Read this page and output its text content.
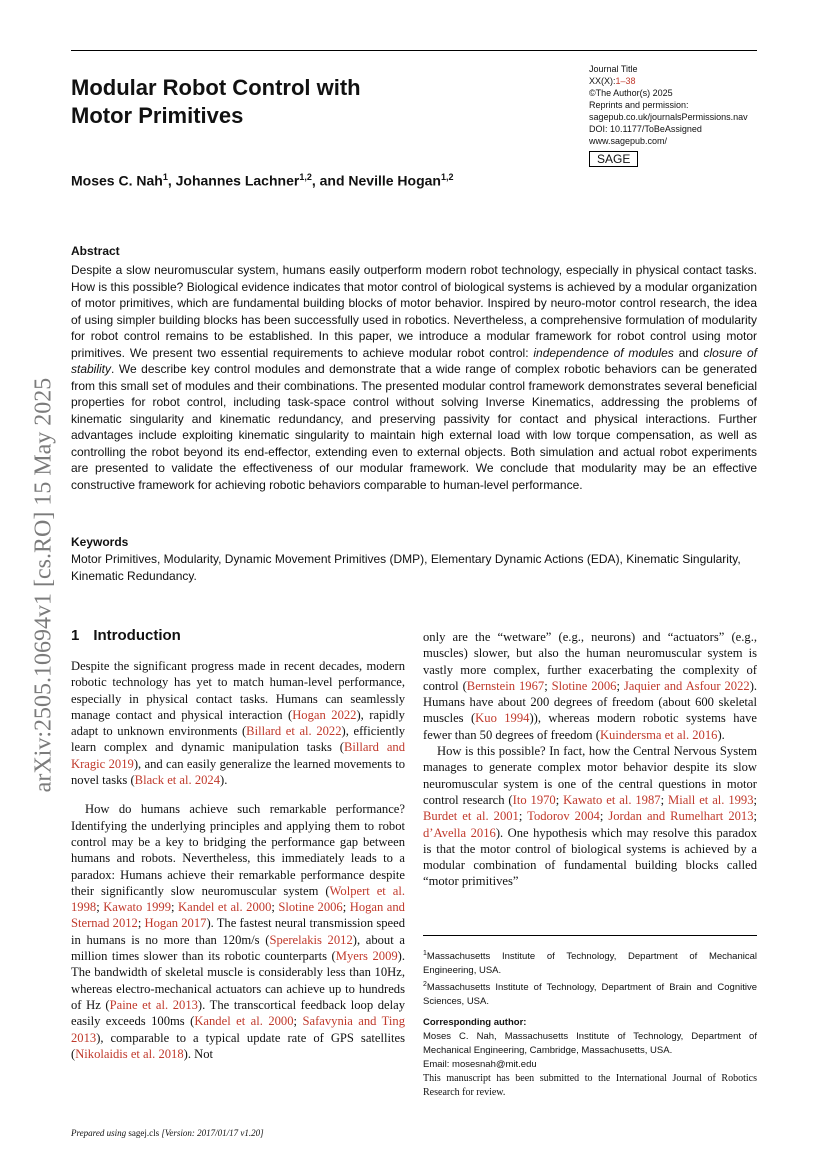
Modular Robot Control with
Motor Primitives
Journal Title
XX(X):1–38
©The Author(s) 2025
Reprints and permission:
sagepub.co.uk/journalsPermissions.nav
DOI: 10.1177/ToBeAssigned
www.sagepub.com/
SAGE
Moses C. Nah$^1$, Johannes Lachner$^{1,2}$, and Neville Hogan$^{1,2}$
arXiv:2505.10694v1 [cs.RO] 15 May 2025
Abstract

Despite a slow neuromuscular system, humans easily outperform modern robot technology, especially in physical contact tasks. How is this possible? Biological evidence indicates that motor control of biological systems is achieved by a modular organization of motor primitives, which are fundamental building blocks of motor behavior. Inspired by neuro-motor control research, the idea of using simpler building blocks has been successfully used in robotics. Nevertheless, a comprehensive formulation of modularity for robot control remains to be established. In this paper, we introduce a modular framework for robot control using motor primitives. We present two essential requirements to achieve modular robot control: independence of modules and closure of stability. We describe key control modules and demonstrate that a wide range of complex robotic behaviors can be generated from this small set of modules and their combinations. The presented modular control framework demonstrates several beneficial properties for robot control, including task-space control without solving Inverse Kinematics, addressing the problems of kinematic singularity and kinematic redundancy, and preserving passivity for contact and physical interactions. Further advantages include exploiting kinematic singularity to maintain high external load with low torque compensation, as well as controlling the robot beyond its end-effector, extending even to external objects. Both simulation and actual robot experiments are presented to validate the effectiveness of our modular framework. We conclude that modularity may be an effective constructive framework for achieving robotic behaviors comparable to human-level performance.

Keywords

Motor Primitives, Modularity, Dynamic Movement Primitives (DMP), Elementary Dynamic Actions (EDA), Kinematic Singularity, Kinematic Redundancy.

1 Introduction

Despite the significant progress made in recent decades, modern robotic technology has yet to match human-level performance, especially in physical contact tasks. Humans can seamlessly manage contact and physical interaction (Hogan 2022), rapidly adapt to unknown environments (Billard et al. 2022), efficiently learn complex and dynamic manipulation tasks (Billard and Kragic 2019), and can easily generalize the learned movements to novel tasks (Black et al. 2024).

How do humans achieve such remarkable performance? Identifying the underlying principles and applying them to robot control may be a key to bridging the performance gap between humans and robots. Nevertheless, this immediately leads to a paradox: Humans achieve their remarkable performance despite their significantly slow neuromuscular system (Wolpert et al. 1998; Kawato 1999; Kandel et al. 2000; Slotine 2006; Hogan and Sternad 2012; Hogan 2017). The fastest neural transmission speed in humans is no more than 120m/s (Sperelakis 2012), about a million times slower than its robotic counterparts (Myers 2009). The bandwidth of skeletal muscle is considerably less than 10Hz, whereas electro-mechanical actuators can achieve up to hundreds of Hz (Paine et al. 2013). The transcortical feedback loop delay easily exceeds 100ms (Kandel et al. 2000; Safavynia and Ting 2013), comparable to a typical update rate of GPS satellites (Nikolaidis et al. 2018). Not

only are the “wetware” (e.g., neurons) and “actuators” (e.g., muscles) slower, but also the human neuromuscular system is vastly more complex, further exacerbating the complexity of control (Bernstein 1967; Slotine 2006; Jaquier and Asfour 2022). Humans have about 200 degrees of freedom (about 600 skeletal muscles (Kuo 1994)), whereas modern robotic systems have fewer than 50 degrees of freedom (Kuindersma et al. 2016).

How is this possible? In fact, how the Central Nervous System manages to generate complex motor behavior despite its slow neuromuscular system is one of the central questions in motor control research (Ito 1970; Kawato et al. 1987; Miall et al. 1993; Burdet et al. 2001; Todorov 2004; Jordan and Rumelhart 2013; d’Avella 2016). One hypothesis which may resolve this paradox is that the motor control of biological systems is achieved by a modular combination of fundamental building blocks called “motor primitives”

$^1$Massachusetts Institute of Technology, Department of Mechanical Engineering, USA.

$^2$Massachusetts Institute of Technology, Department of Brain and Cognitive Sciences, USA.

Corresponding author:

Moses C. Nah, Massachusetts Institute of Technology, Department of Mechanical Engineering, Cambridge, Massachusetts, USA.

Email: mosesnah@mit.edu

This manuscript has been submitted to the International Journal of Robotics Research for review.

Prepared using sagej.cls [Version: 2017/01/17 v1.20]
